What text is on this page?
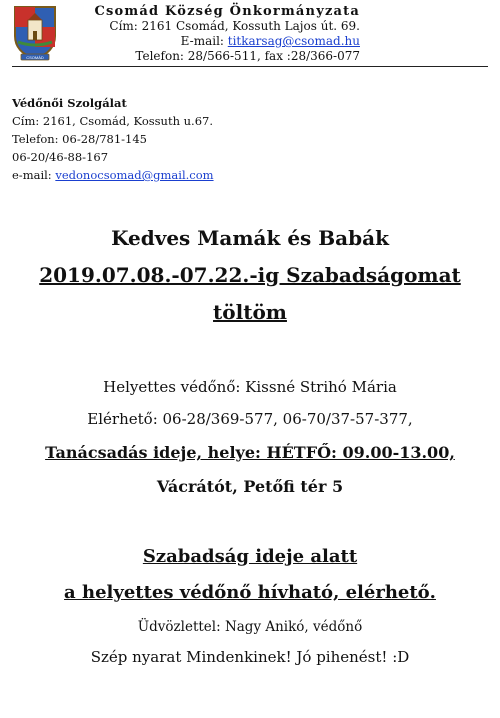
CSOMÁD
Csomád Község Önkormányzata
Cím: 2161 Csomád, Kossuth Lajos út. 69.
E-mail: titkarsag@csomad.hu
Telefon: 28/566-511, fax :28/366-077
Védőnői Szolgálat
Cím: 2161, Csomád, Kossuth u.67.
Telefon: 06-28/781-145
06-20/46-88-167
e-mail: vedonocsomad@gmail.com
Kedves Mamák és Babák
2019.07.08.-07.22.-ig Szabadságomat
töltöm
Helyettes védőnő: Kissné Strihó Mária
Elérhető: 06-28/369-577, 06-70/37-57-377,
Tanácsadás ideje, helye: HÉTFŐ: 09.00-13.00,
Vácrátót, Petőfi tér 5
Szabadság ideje alatt
a helyettes védőnő hívható, elérhető.
Üdvözlettel: Nagy Anikó, védőnő
Szép nyarat Mindenkinek! Jó pihenést! :D
